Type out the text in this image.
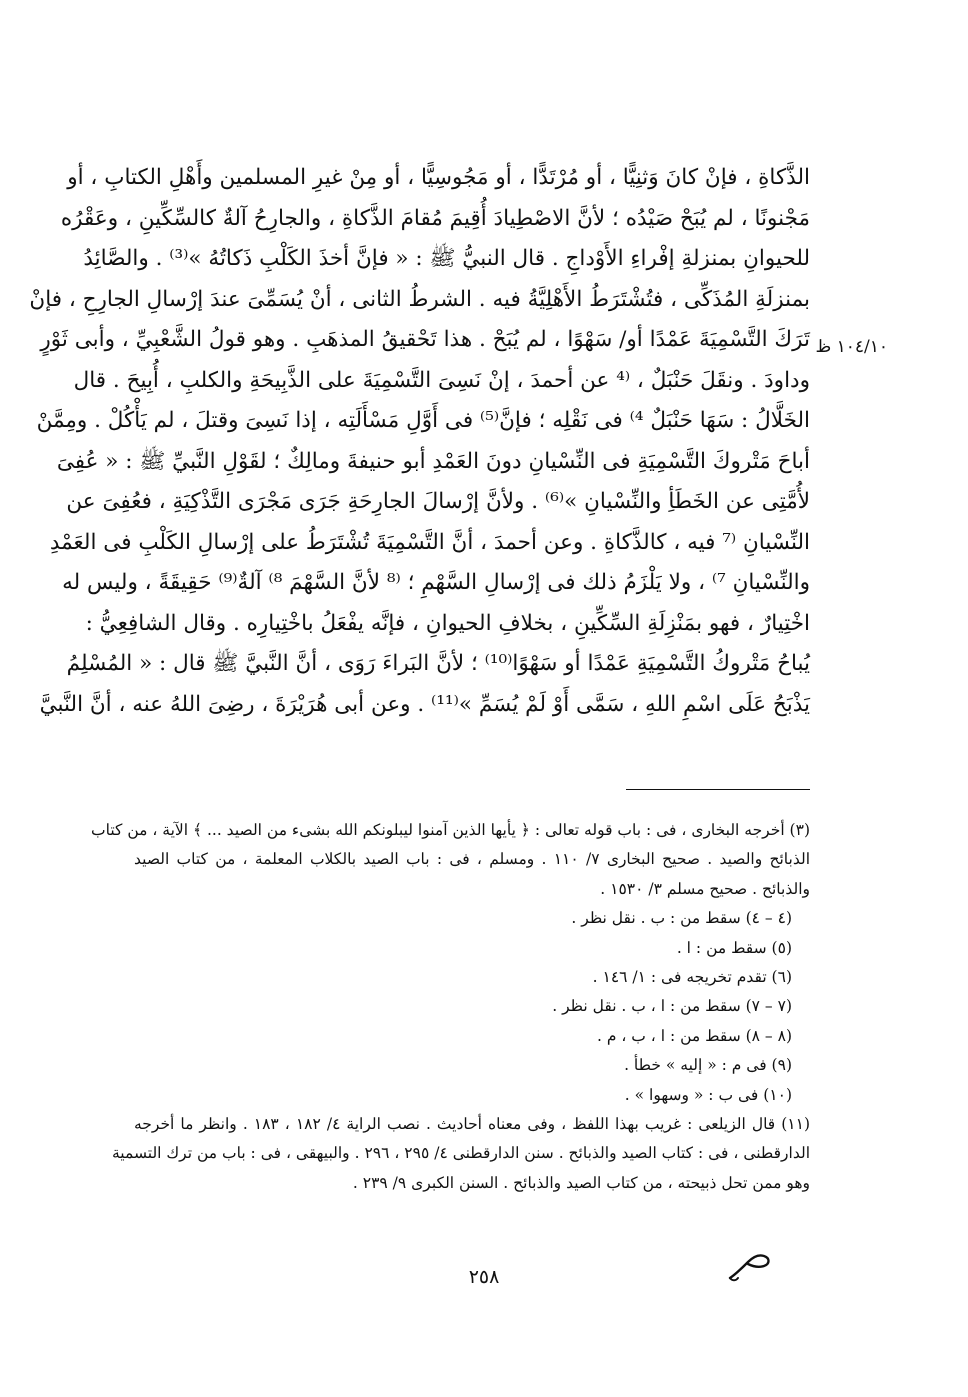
١٠٤/١٠ ظ
الذَّكاةِ ، فإنْ كانَ وَثنِيًّا ، أو مُرْتَدًّا ، أو مَجُوسِيًّا ، أو مِنْ غيرِ المسلمين وأَهْلِ الكتابِ ، أو
مَجْنونًا ، لم يُبَحْ صَيْدُه ؛ لأنَّ الاصْطِيادَ أُقِيمَ مُقامَ الذَّكاةِ ، والجارِحُ آلةٌ كالسِّكِّينِ ، وعَقْرُه
للحيوانِ بمنزلةِ إفْراءِ الأَوْداجِ . قال النبيُّ ﷺ : « فإنَّ أخذَ الكَلْبِ ذَكاتُهُ »⁽³⁾ . والصَّائِدُ
بمنزلَةِ المُذَكِّى ، فتُشْتَرَطُ الأَهْلِيَّةُ فيه . الشرطُ الثانى ، أنْ يُسَمِّىَ عندَ إرْسالِ الجارِحِ ، فإنْ
تَرَكَ التَّسْمِيَةَ عَمْدًا أو/ سَهْوًا ، لم يُبَحْ . هذا تَحْقيقُ المذهَبِ . وهو قولُ الشَّعْبِيِّ ، وأبى ثَوْرٍ
وداودَ . ونقَلَ حَنْبَلٌ ، ⁽⁴ عن أحمدَ ، إنْ نَسِىَ التَّسْمِيَةَ على الذَّبِيحَةِ والكلبِ ، أُبِيحَ . قال
الخَلَّالُ : سَهَا حَنْبَلٌ ⁴⁾ فى نَقْلِه ؛ فإنَّ⁽⁵⁾ فى أَوَّلِ مَسْأَلَتِه ، إذا نَسِىَ وقتلَ ، لم يَأْكُلْ . ومِمَّنْ
أباحَ مَتْروكَ التَّسْمِيَةِ فى النِّسْيانِ دونَ العَمْدِ أبو حنيفةَ ومالِكٌ ؛ لقَوْلِ النَّبيِّ ﷺ : « عُفِىَ
لأُمَّتِى عن الخَطَأِ والنِّسْيانِ »⁽⁶⁾ . ولأنَّ إرْسالَ الجارِحَةِ جَرَى مَجْرَى التَّذْكِيَةِ ، فعُفِىَ عن
النِّسْيانِ ⁽⁷ فيه ، كالذَّكاةِ . وعن أحمدَ ، أنَّ التَّسْمِيَةَ تُشْتَرَطُ على إرْسالِ الكَلْبِ فى العَمْدِ
والنِّسْيانِ ⁷⁾ ، ولا يَلْزَمُ ذلك فى إرْسالِ السَّهْمِ ؛ ⁽⁸ لأنَّ السَّهْمَ ⁸⁾ آلةٌ⁽⁹⁾ حَقِيقَةً ، وليس له
اخْتِيارٌ ، فهو بمَنْزِلَةِ السِّكِّينِ ، بخلافِ الحيوانِ ، فإنَّه يفْعَلُ باخْتِيارِه . وقال الشافِعِيُّ :
يُباحُ مَتْروكُ التَّسْمِيَةِ عَمْدًا أو سَهْوًا⁽¹⁰⁾ ؛ لأنَّ البَراءَ رَوَى ، أنَّ النَّبيَّ ﷺ قال : « المُسْلِمُ
يَذْبَحُ عَلَى اسْمِ اللهِ ، سَمَّى أَوْ لَمْ يُسَمِّ »⁽¹¹⁾ . وعن أبى هُرَيْرَةَ ، رضِىَ اللهُ عنه ، أنَّ النَّبيَّ
(٣) أخرجه البخارى ، فى : باب قوله تعالى : ﴿ يأيها الذين آمنوا ليبلونكم الله بشىء من الصيد ... ﴾ الآية ، من كتاب
الذبائح والصيد . صحيح البخارى ٧/ ١١٠ . ومسلم ، فى : باب الصيد بالكلاب المعلمة ، من كتاب الصيد
والذبائح . صحيح مسلم ٣/ ١٥٣٠ .
(٤ – ٤) سقط من : ب . نقل نظر .
(٥) سقط من : ا .
(٦) تقدم تخريجه فى : ١/ ١٤٦ .
(٧ – ٧) سقط من : ا ، ب . نقل نظر .
(٨ – ٨) سقط من : ا ، ب ، م .
(٩) فى م : « إليه » خطأ .
(١٠) فى ب : « وسهوا » .
(١١) قال الزيلعى : غريب بهذا اللفظ ، وفى معناه أحاديث . نصب الراية ٤/ ١٨٢ ، ١٨٣ . وانظر ما أخرجه
الدارقطنى ، فى : كتاب الصيد والذبائح . سنن الدارقطنى ٤/ ٢٩٥ ، ٢٩٦ . والبيهقى ، فى : باب من ترك التسمية
وهو ممن تحل ذبيحته ، من كتاب الصيد والذبائح . السنن الكبرى ٩/ ٢٣٩ .
٢٥٨
